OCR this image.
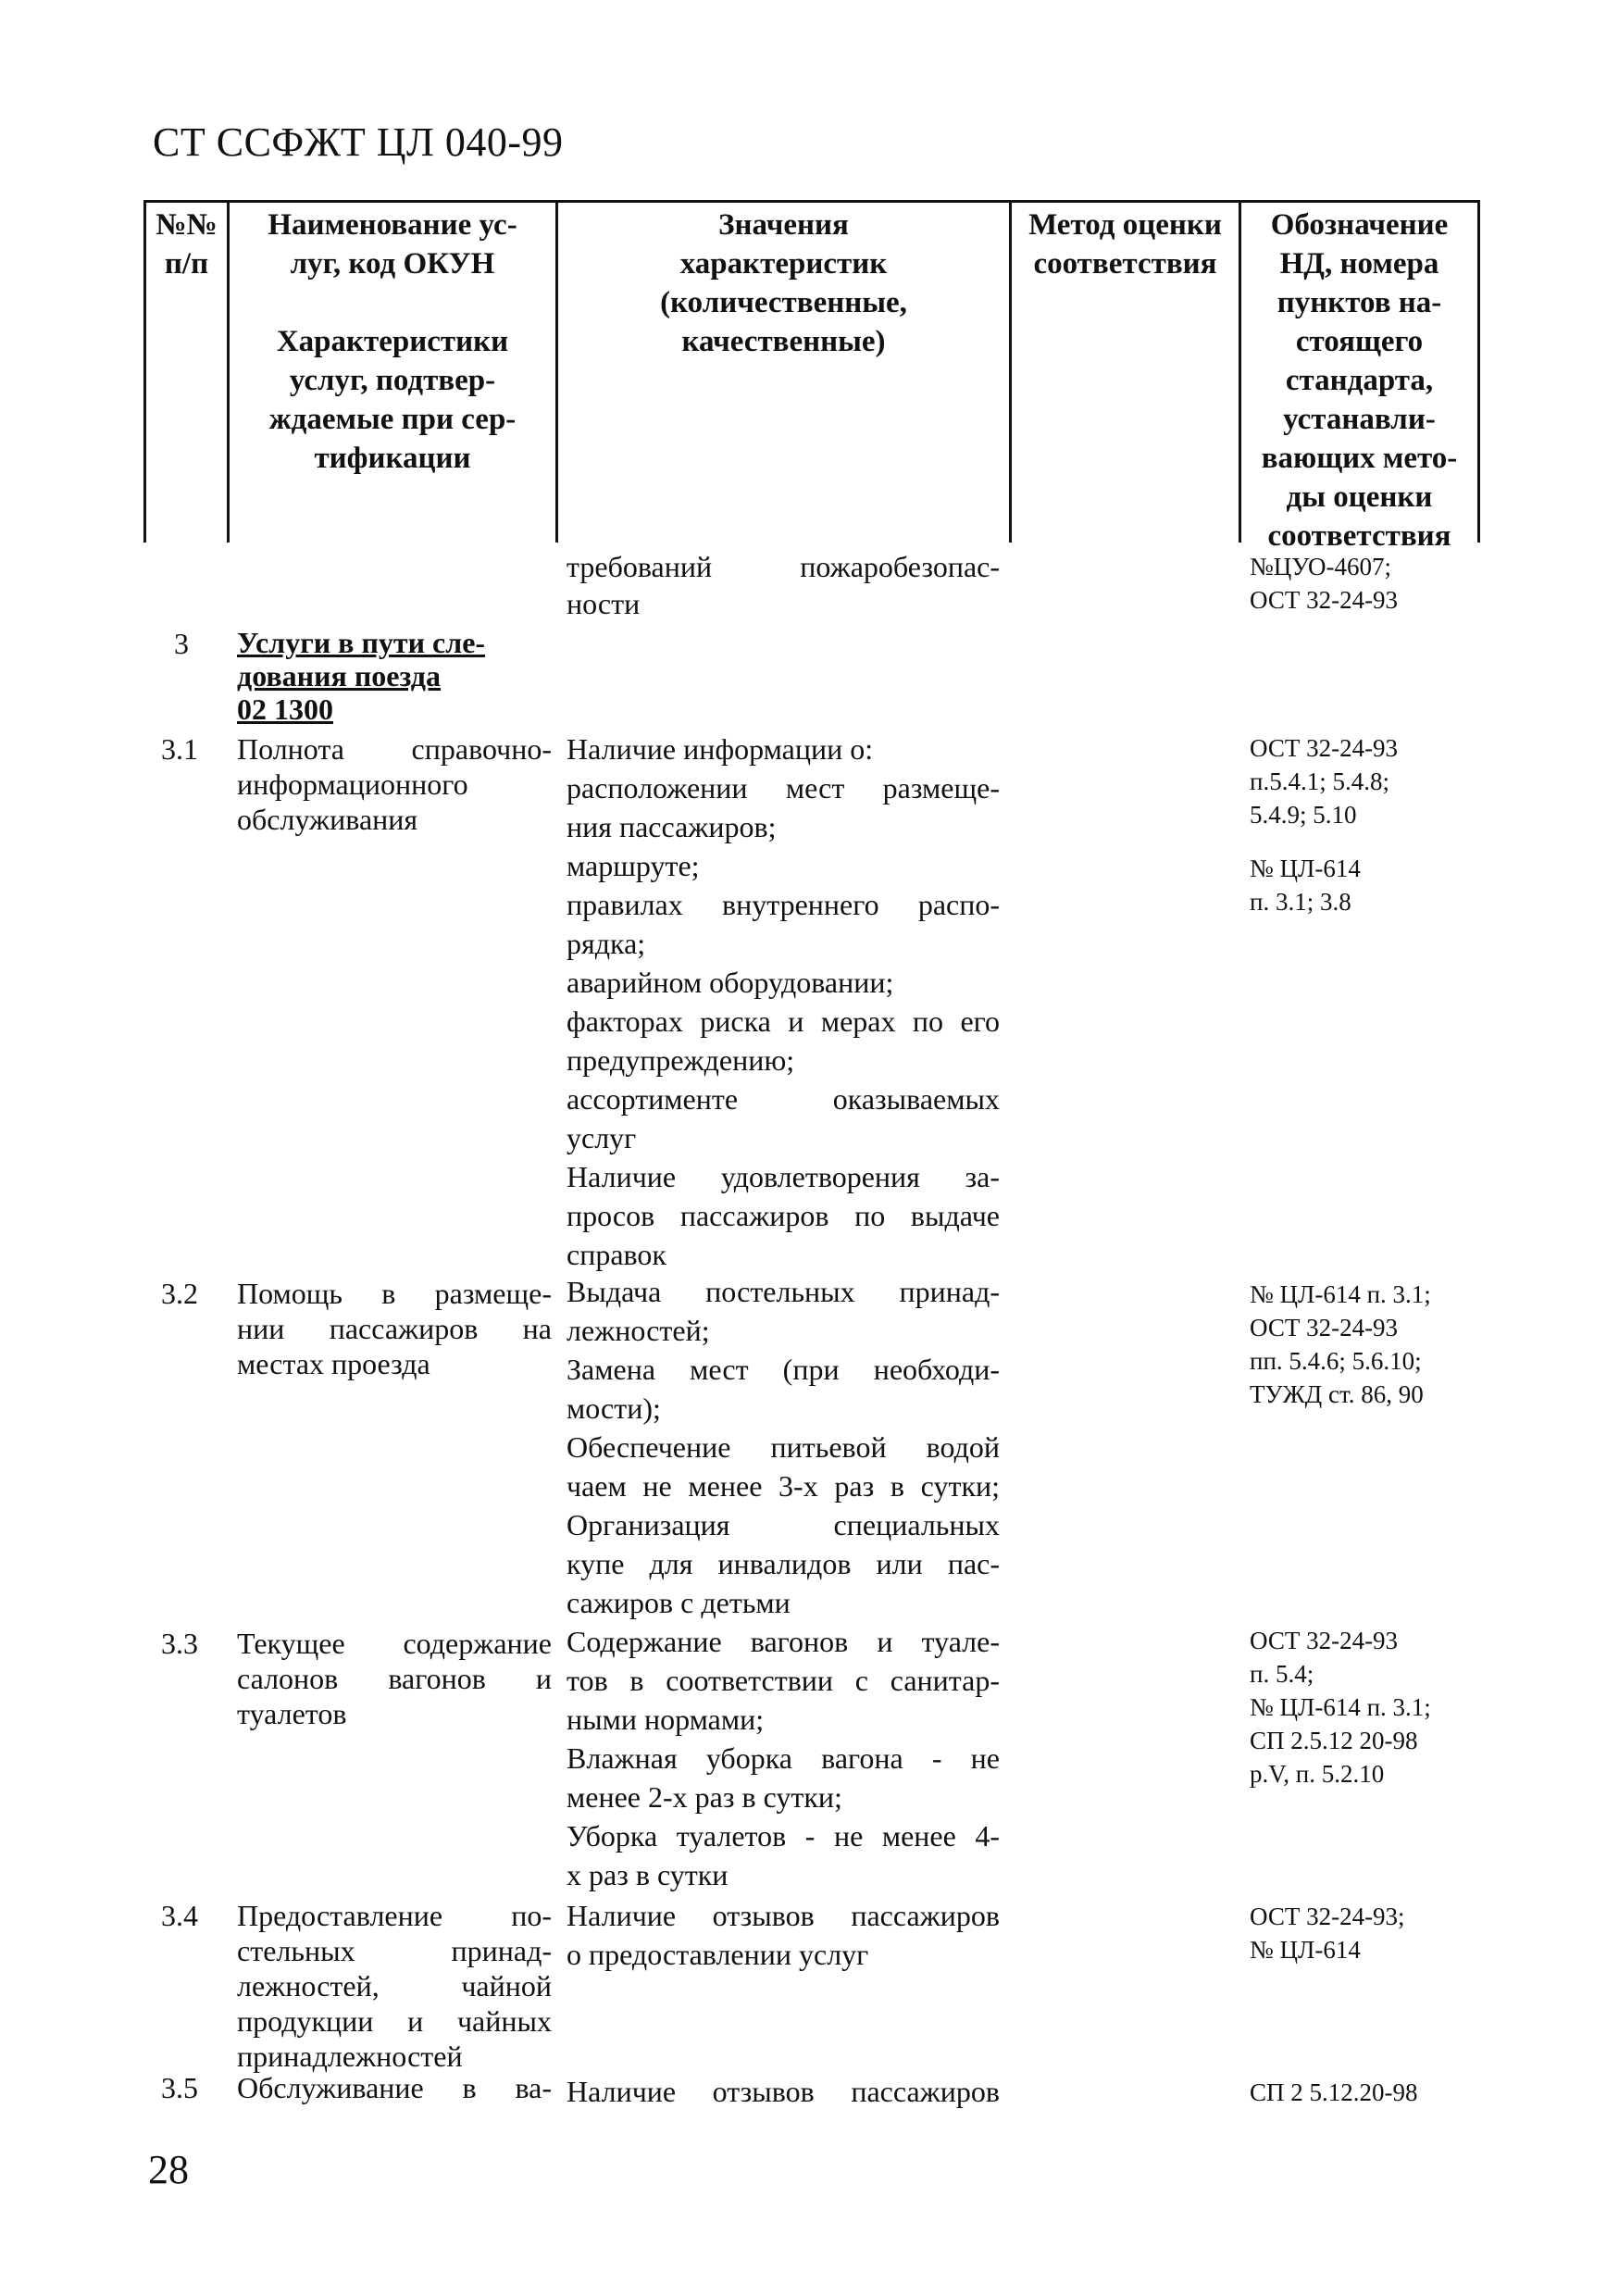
СТ ССФЖТ ЦЛ 040-99

№№

п/п

Наименование ус-

луг, код ОКУН

Характеристики

услуг, подтвер-

ждаемые при сер-

тификации

Значения

характеристик

(количественные,

качественные)

Метод оценки

соответствия

Обозначение

НД, номера

пунктов на-

стоящего

стандарта,

устанавли-

вающих мето-

ды оценки

соответствия

требований пожаробезопас-
ности
№ЦУО-4607;
ОСТ 32-24-93
3 Услуги в пути сле-
дования поезда
02 1300
3.1 Полнота справочно-
информационного
обслуживания
Наличие информации о:
расположении мест размеще-
ния пассажиров;
маршруте;
правилах внутреннего распо-
рядка;
аварийном оборудовании;
факторах риска и мерах по его
предупреждению;
ассортименте оказываемых
услуг
Наличие удовлетворения за-
просов пассажиров по выдаче
справок
ОСТ 32-24-93
п.5.4.1; 5.4.8;
5.4.9; 5.10
№ ЦЛ-614
п. 3.1; 3.8
3.2 Помощь в размеще-
нии пассажиров на
местах проезда
Выдача постельных принад-
лежностей;
Замена мест (при необходи-
мости);
Обеспечение питьевой водой
чаем не менее 3-х раз в сутки;
Организация специальных
купе для инвалидов или пас-
сажиров с детьми
№ ЦЛ-614 п. 3.1;
ОСТ 32-24-93
пп. 5.4.6; 5.6.10;
ТУЖД ст. 86, 90
3.3 Текущее содержание
салонов вагонов и
туалетов
Содержание вагонов и туале-
тов в соответствии с санитар-
ными нормами;
Влажная уборка вагона - не
менее 2-х раз в сутки;
Уборка туалетов - не менее 4-
х раз в сутки
ОСТ 32-24-93
п. 5.4;
№ ЦЛ-614 п. 3.1;
СП 2.5.12 20-98
р.V, п. 5.2.10
3.4 Предоставление по-
стельных принад-
лежностей, чайной
продукции и чайных
принадлежностей
Наличие отзывов пассажиров
о предоставлении услуг
ОСТ 32-24-93;
№ ЦЛ-614
3.5 Обслуживание в ва- Наличие отзывов пассажиров	СП 2 5.12.20-98
28
